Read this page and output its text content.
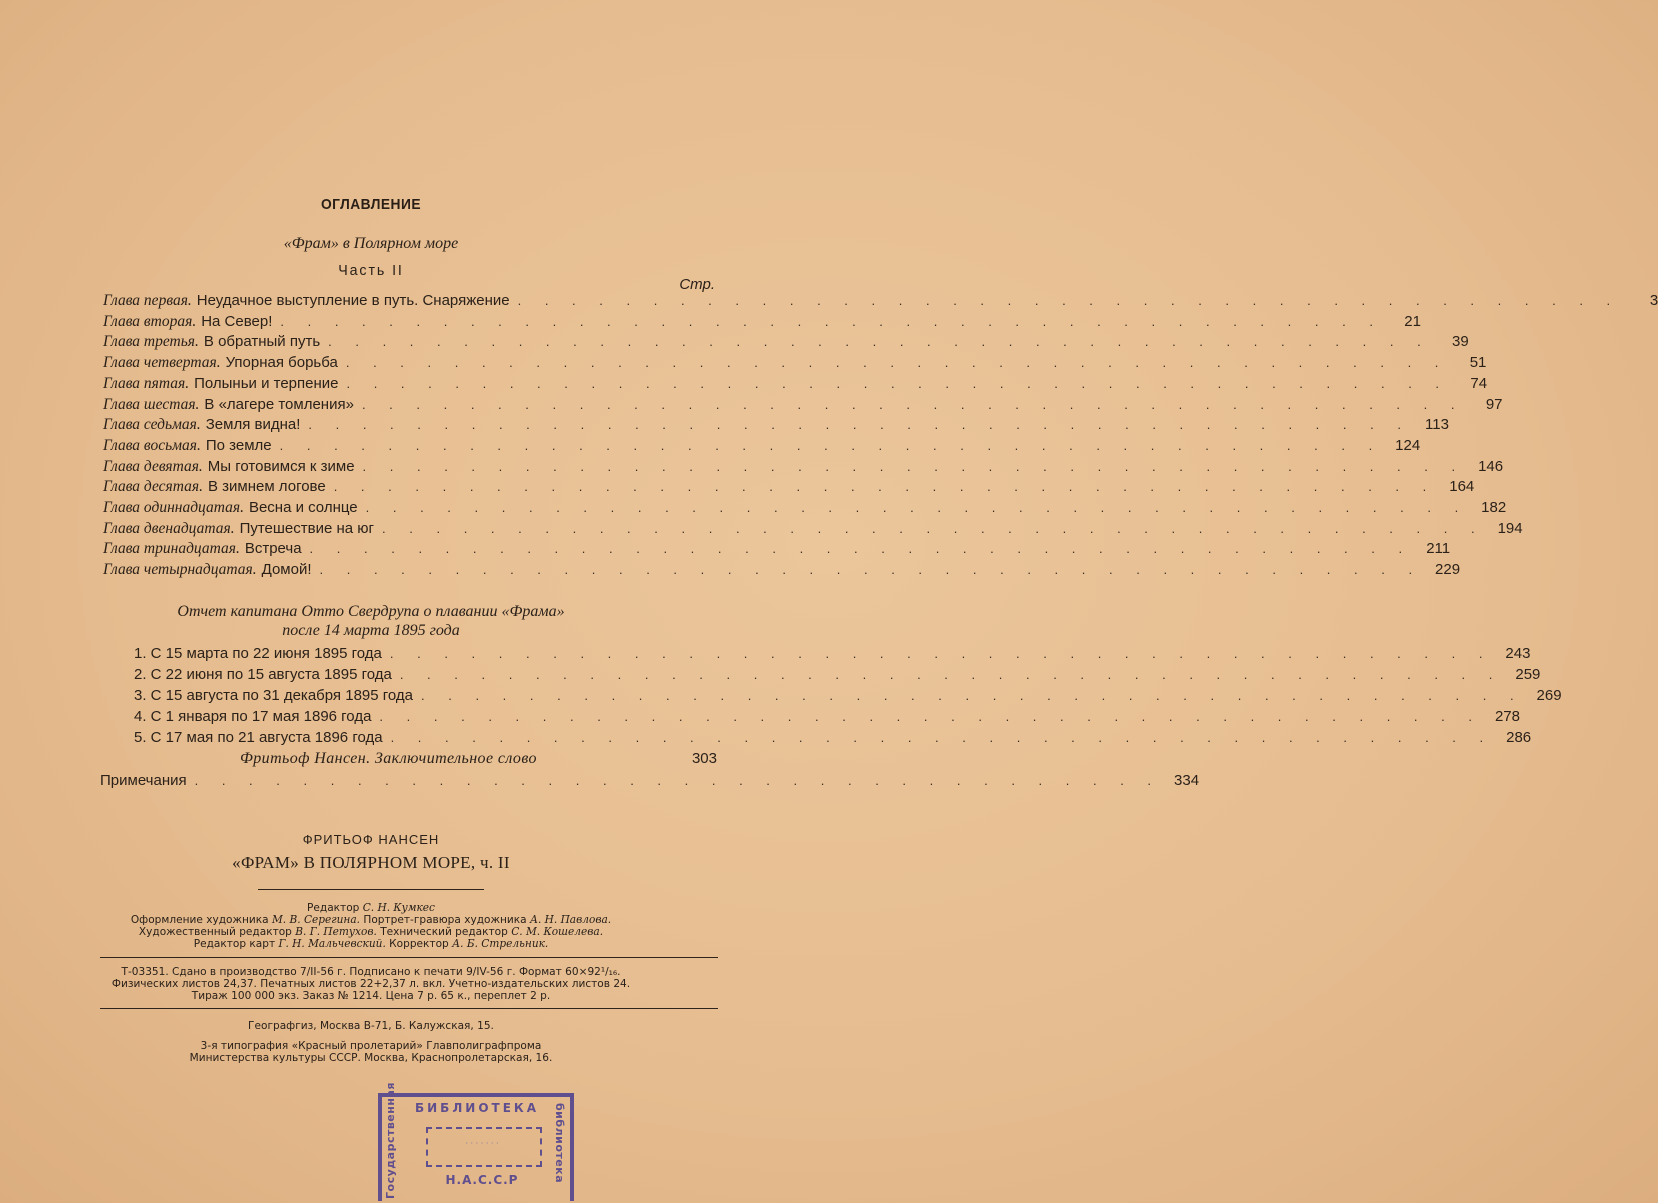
ОГЛАВЛЕНИЕ
«Фрам» в Полярном море
Часть II
Стр.
Глава первая. Неудачное выступление в путь. Снаряжение . . . . . . . . . . . . . . . . . . . . . . . . . . . . . . . . . . . . . . . . .	3
Глава вторая. На Север! . . . . . . . . . . . . . . . . . . . . . . . . . . . . . . . . . . . . . . . . .	21
Глава третья. В обратный путь . . . . . . . . . . . . . . . . . . . . . . . . . . . . . . . . . . . . . . . . .	39
Глава четвертая. Упорная борьба . . . . . . . . . . . . . . . . . . . . . . . . . . . . . . . . . . . . . . . . .	51
Глава пятая. Полыньи и терпение . . . . . . . . . . . . . . . . . . . . . . . . . . . . . . . . . . . . . . . . .	74
Глава шестая. В «лагере томления» . . . . . . . . . . . . . . . . . . . . . . . . . . . . . . . . . . . . . . . . .	97
Глава седьмая. Земля видна! . . . . . . . . . . . . . . . . . . . . . . . . . . . . . . . . . . . . . . . . . 113
Глава восьмая. По земле . . . . . . . . . . . . . . . . . . . . . . . . . . . . . . . . . . . . . . . . . 124
Глава девятая. Мы готовимся к зиме . . . . . . . . . . . . . . . . . . . . . . . . . . . . . . . . . . . . . . . . . 146
Глава десятая. В зимнем логове . . . . . . . . . . . . . . . . . . . . . . . . . . . . . . . . . . . . . . . . . 164
Глава одиннадцатая. Весна и солнце . . . . . . . . . . . . . . . . . . . . . . . . . . . . . . . . . . . . . . . . . 182
Глава двенадцатая. Путешествие на юг . . . . . . . . . . . . . . . . . . . . . . . . . . . . . . . . . . . . . . . . . 194
Глава тринадцатая. Встреча . . . . . . . . . . . . . . . . . . . . . . . . . . . . . . . . . . . . . . . . . 211
Глава четырнадцатая. Домой! . . . . . . . . . . . . . . . . . . . . . . . . . . . . . . . . . . . . . . . . . 229
Отчет капитана Отто Свердрупа о плавании «Фрама»
после 14 марта 1895 года
1. С 15 марта по 22 июня 1895 года . . . . . . . . . . . . . . . . . . . . . . . . . . . . . . . . . . . . . . . . . 243
2. С 22 июня по 15 августа 1895 года . . . . . . . . . . . . . . . . . . . . . . . . . . . . . . . . . . . . . . . . . 259
3. С 15 августа по 31 декабря 1895 года . . . . . . . . . . . . . . . . . . . . . . . . . . . . . . . . . . . . . . . . . 269
4. С 1 января по 17 мая 1896 года . . . . . . . . . . . . . . . . . . . . . . . . . . . . . . . . . . . . . . . . . 278
5. С 17 мая по 21 августа 1896 года . . . . . . . . . . . . . . . . . . . . . . . . . . . . . . . . . . . . . . . . . 286
Фритьоф Нансен. Заключительное слово	303
Примечания . . . . . . . . . . . . . . . . . . . . . . . . . . . . . . . . . . . . 334
ФРИТЬОФ НАНСЕН
«ФРАМ» В ПОЛЯРНОМ МОРЕ, ч. II
Редактор С. Н. Кумкес
Оформление художника М. В. Серегина. Портрет-гравюра художника А. Н. Павлова.
Художественный редактор В. Г. Петухов. Технический редактор С. М. Кошелева.
Редактор карт Г. Н. Мальчевский. Корректор А. Б. Стрельник.
Т-03351. Сдано в производство 7/II-56 г. Подписано к печати 9/IV-56 г. Формат 60×92¹/₁₆.
Физических листов 24,37. Печатных листов 22+2,37 л. вкл. Учетно-издательских листов 24.
Тираж 100 000 экз. Заказ № 1214. Цена 7 р. 65 к., переплет 2 р.
Географгиз, Москва В-71, Б. Калужская, 15.
3-я типография «Красный пролетарий» Главполиграфпрома
Министерства культуры СССР. Москва, Краснопролетарская, 16.
БИБЛИОТЕКА
Государственная	библиотека
· · · · · · ·
Н.А.С.С.Р
